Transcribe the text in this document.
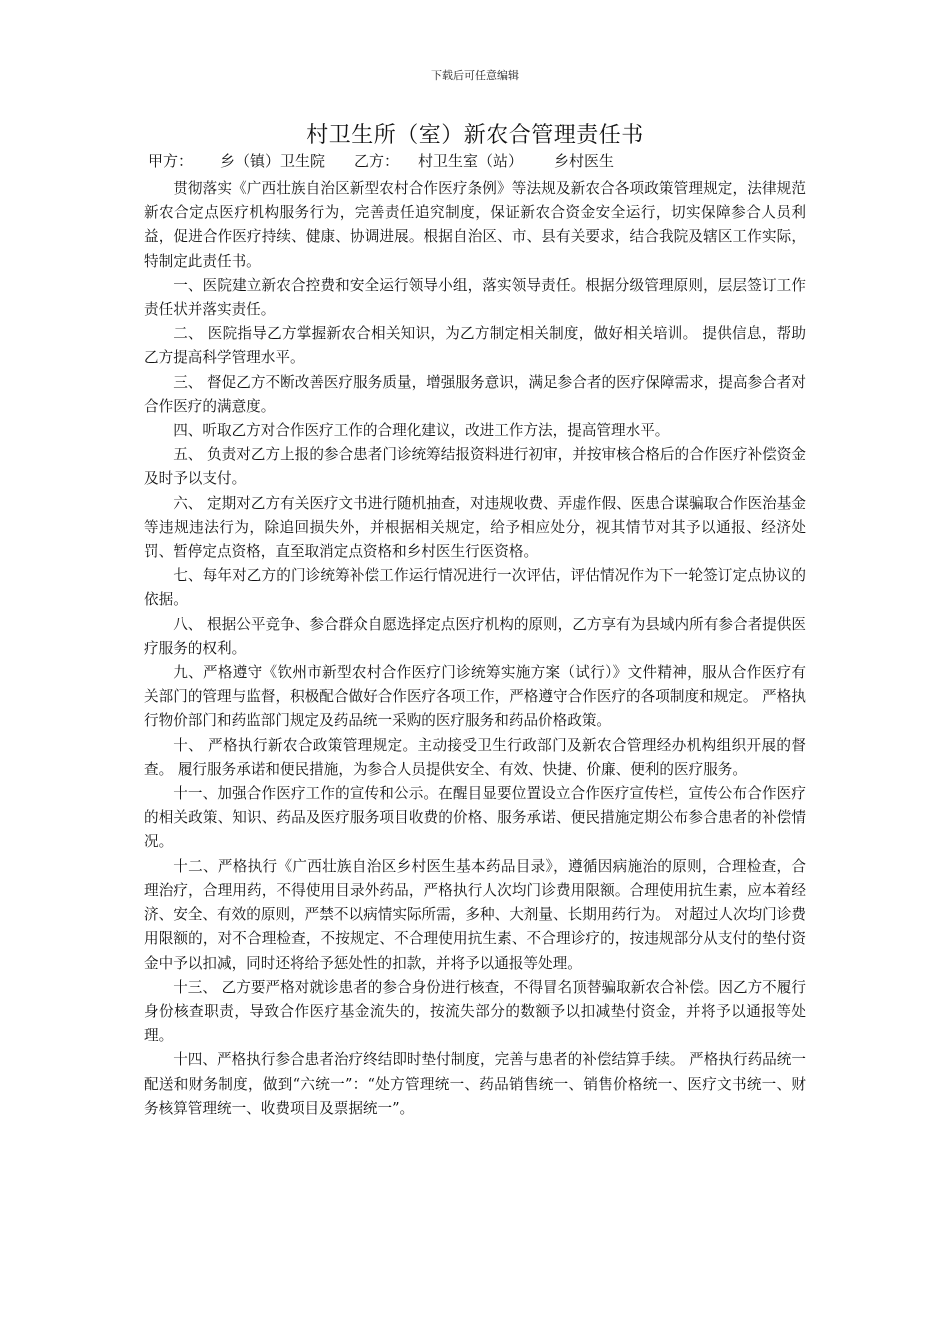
下载后可任意编辑
村卫生所（室）新农合管理责任书
甲方： 乡（镇）卫生院 乙方： 村卫生室（站） 乡村医生

贯彻落实《广西壮族自治区新型农村合作医疗条例》等法规及新农合各项政策管理规定，法律规范新农合定点医疗机构服务行为，完善责任追究制度，保证新农合资金安全运行，切实保障参合人员利益，促进合作医疗持续、健康、协调进展。根据自治区、市、县有关要求，结合我院及辖区工作实际，特制定此责任书。

一、医院建立新农合控费和安全运行领导小组，落实领导责任。根据分级管理原则，层层签订工作责任状并落实责任。

二、 医院指导乙方掌握新农合相关知识，为乙方制定相关制度，做好相关培训。 提供信息，帮助乙方提高科学管理水平。

三、 督促乙方不断改善医疗服务质量，增强服务意识，满足参合者的医疗保障需求，提高参合者对合作医疗的满意度。

四、听取乙方对合作医疗工作的合理化建议，改进工作方法，提高管理水平。

五、 负责对乙方上报的参合患者门诊统筹结报资料进行初审，并按审核合格后的合作医疗补偿资金及时予以支付。

六、 定期对乙方有关医疗文书进行随机抽查，对违规收费、弄虚作假、医患合谋骗取合作医治基金等违规违法行为，除追回损失外，并根据相关规定，给予相应处分，视其情节对其予以通报、经济处罚、暂停定点资格，直至取消定点资格和乡村医生行医资格。

七、每年对乙方的门诊统筹补偿工作运行情况进行一次评估，评估情况作为下一轮签订定点协议的依据。

八、 根据公平竞争、参合群众自愿选择定点医疗机构的原则，乙方享有为县域内所有参合者提供医疗服务的权利。

九、严格遵守《钦州市新型农村合作医疗门诊统筹实施方案（试行）》文件精神，服从合作医疗有关部门的管理与监督，积极配合做好合作医疗各项工作，严格遵守合作医疗的各项制度和规定。 严格执行物价部门和药监部门规定及药品统一采购的医疗服务和药品价格政策。

十、 严格执行新农合政策管理规定。主动接受卫生行政部门及新农合管理经办机构组织开展的督查。 履行服务承诺和便民措施，为参合人员提供安全、有效、快捷、价廉、便利的医疗服务。

十一、加强合作医疗工作的宣传和公示。在醒目显要位置设立合作医疗宣传栏，宣传公布合作医疗的相关政策、知识、药品及医疗服务项目收费的价格、服务承诺、便民措施定期公布参合患者的补偿情况。

十二、严格执行《广西壮族自治区乡村医生基本药品目录》，遵循因病施治的原则，合理检查，合理治疗，合理用药，不得使用目录外药品，严格执行人次均门诊费用限额。合理使用抗生素，应本着经济、安全、有效的原则，严禁不以病情实际所需，多种、大剂量、长期用药行为。 对超过人次均门诊费用限额的，对不合理检查，不按规定、不合理使用抗生素、不合理诊疗的，按违规部分从支付的垫付资金中予以扣减，同时还将给予惩处性的扣款，并将予以通报等处理。

十三、 乙方要严格对就诊患者的参合身份进行核查，不得冒名顶替骗取新农合补偿。因乙方不履行身份核查职责，导致合作医疗基金流失的，按流失部分的数额予以扣减垫付资金，并将予以通报等处理。

十四、严格执行参合患者治疗终结即时垫付制度，完善与患者的补偿结算手续。 严格执行药品统一配送和财务制度，做到“六统一”：“处方管理统一、药品销售统一、销售价格统一、医疗文书统一、财务核算管理统一、收费项目及票据统一”。
